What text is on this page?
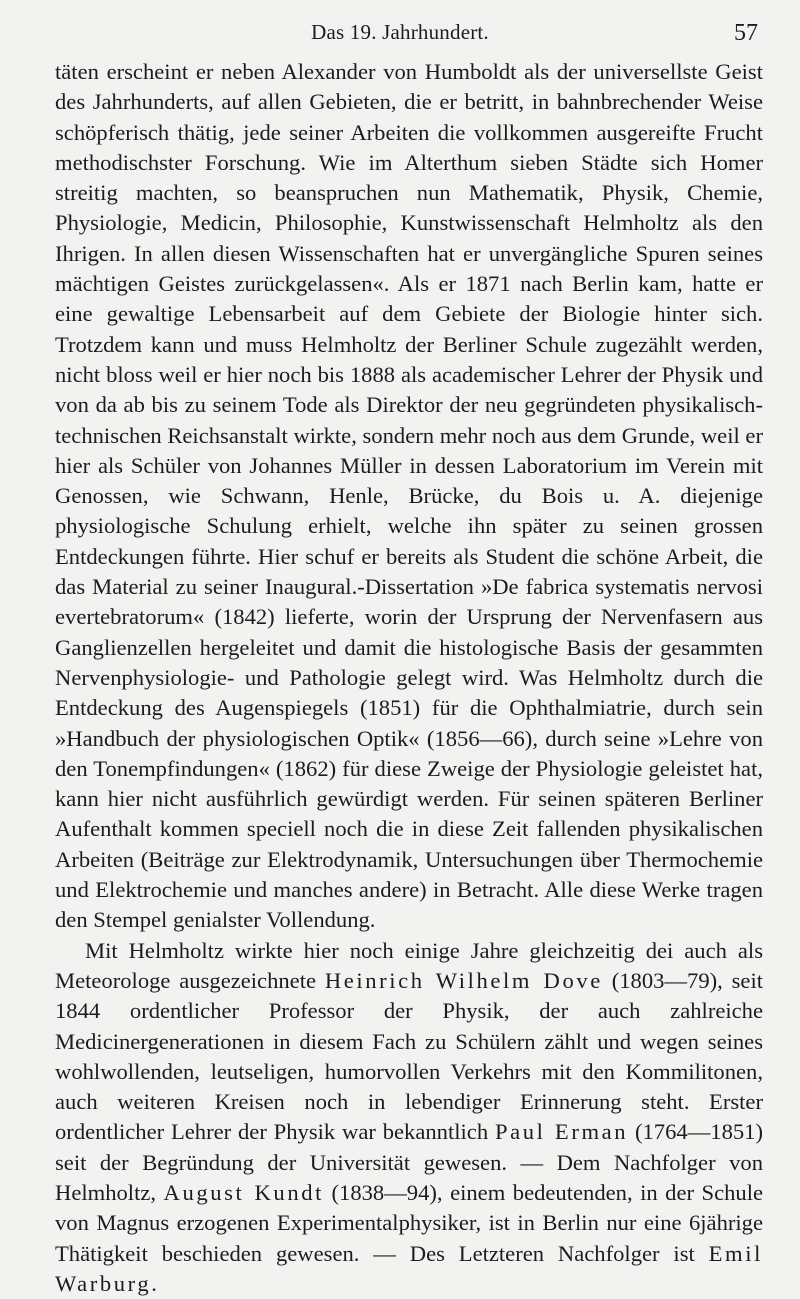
Das 19. Jahrhundert.	57

täten erscheint er neben Alexander von Humboldt als der universellste Geist des Jahrhunderts, auf allen Gebieten, die er betritt, in bahnbrechender Weise schöpferisch thätig, jede seiner Arbeiten die vollkommen ausgereifte Frucht methodischster Forschung. Wie im Alterthum sieben Städte sich Homer streitig machten, so beanspruchen nun Mathematik, Physik, Chemie, Physiologie, Medicin, Philosophie, Kunstwissenschaft Helmholtz als den Ihrigen. In allen diesen Wissenschaften hat er unvergängliche Spuren seines mächtigen Geistes zurückgelassen«. Als er 1871 nach Berlin kam, hatte er eine gewaltige Lebensarbeit auf dem Gebiete der Biologie hinter sich. Trotzdem kann und muss Helmholtz der Berliner Schule zugezählt werden, nicht bloss weil er hier noch bis 1888 als academischer Lehrer der Physik und von da ab bis zu seinem Tode als Direktor der neu gegründeten physikalisch-technischen Reichsanstalt wirkte, sondern mehr noch aus dem Grunde, weil er hier als Schüler von Johannes Müller in dessen Laboratorium im Verein mit Genossen, wie Schwann, Henle, Brücke, du Bois u. A. diejenige physiologische Schulung erhielt, welche ihn später zu seinen grossen Entdeckungen führte. Hier schuf er bereits als Student die schöne Arbeit, die das Material zu seiner Inaugural.-Dissertation »De fabrica systematis nervosi evertebratorum« (1842) lieferte, worin der Ursprung der Nervenfasern aus Ganglienzellen hergeleitet und damit die histologische Basis der gesammten Nervenphysiologie- und Pathologie gelegt wird. Was Helmholtz durch die Entdeckung des Augenspiegels (1851) für die Ophthalmiatrie, durch sein »Handbuch der physiologischen Optik« (1856—66), durch seine »Lehre von den Tonempfindungen« (1862) für diese Zweige der Physiologie geleistet hat, kann hier nicht ausführlich gewürdigt werden. Für seinen späteren Berliner Aufenthalt kommen speciell noch die in diese Zeit fallenden physikalischen Arbeiten (Beiträge zur Elektrodynamik, Untersuchungen über Thermochemie und Elektrochemie und manches andere) in Betracht. Alle diese Werke tragen den Stempel genialster Vollendung.

Mit Helmholtz wirkte hier noch einige Jahre gleichzeitig dei auch als Meteorologe ausgezeichnete Heinrich Wilhelm Dove (1803—79), seit 1844 ordentlicher Professor der Physik, der auch zahlreiche Medicinergenerationen in diesem Fach zu Schülern zählt und wegen seines wohlwollenden, leutseligen, humorvollen Verkehrs mit den Kommilitonen, auch weiteren Kreisen noch in lebendiger Erinnerung steht. Erster ordentlicher Lehrer der Physik war bekanntlich Paul Erman (1764—1851) seit der Begründung der Universität gewesen. — Dem Nachfolger von Helmholtz, August Kundt (1838—94), einem bedeutenden, in der Schule von Magnus erzogenen Experimentalphysiker, ist in Berlin nur eine 6jährige Thätigkeit beschieden gewesen. — Des Letzteren Nachfolger ist Emil Warburg.
